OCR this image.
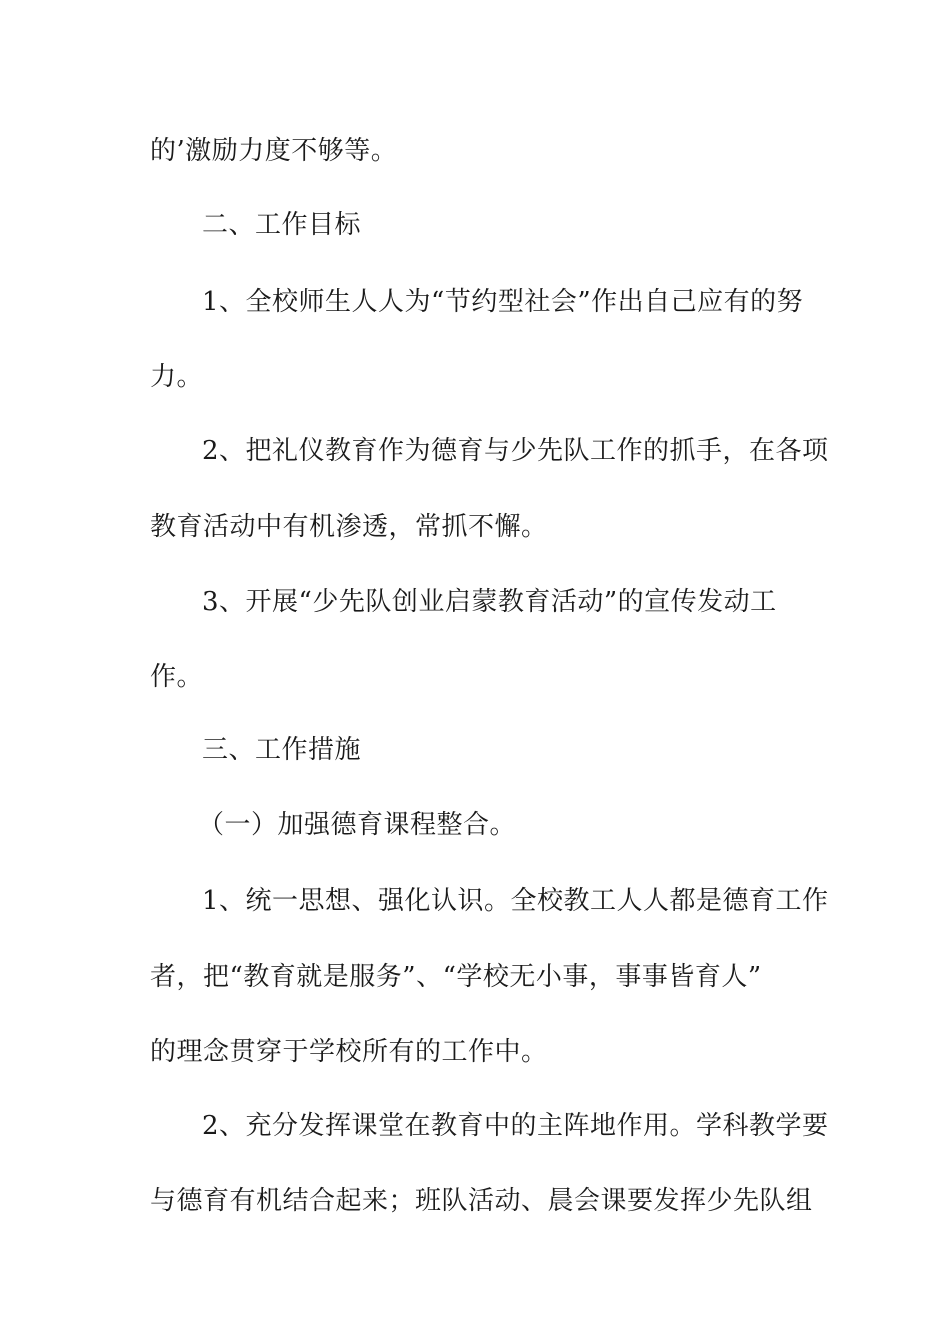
的’激励力度不够等。
二、工作目标
1、全校师生人人为“节约型社会”作出自己应有的努
力。
2、把礼仪教育作为德育与少先队工作的抓手，在各项
教育活动中有机渗透，常抓不懈。
3、开展“少先队创业启蒙教育活动”的宣传发动工
作。
三、工作措施
（一）加强德育课程整合。
1、统一思想、强化认识。全校教工人人都是德育工作
者，把“教育就是服务”、“学校无小事，事事皆育人”
的理念贯穿于学校所有的工作中。
2、充分发挥课堂在教育中的主阵地作用。学科教学要
与德育有机结合起来；班队活动、晨会课要发挥少先队组
